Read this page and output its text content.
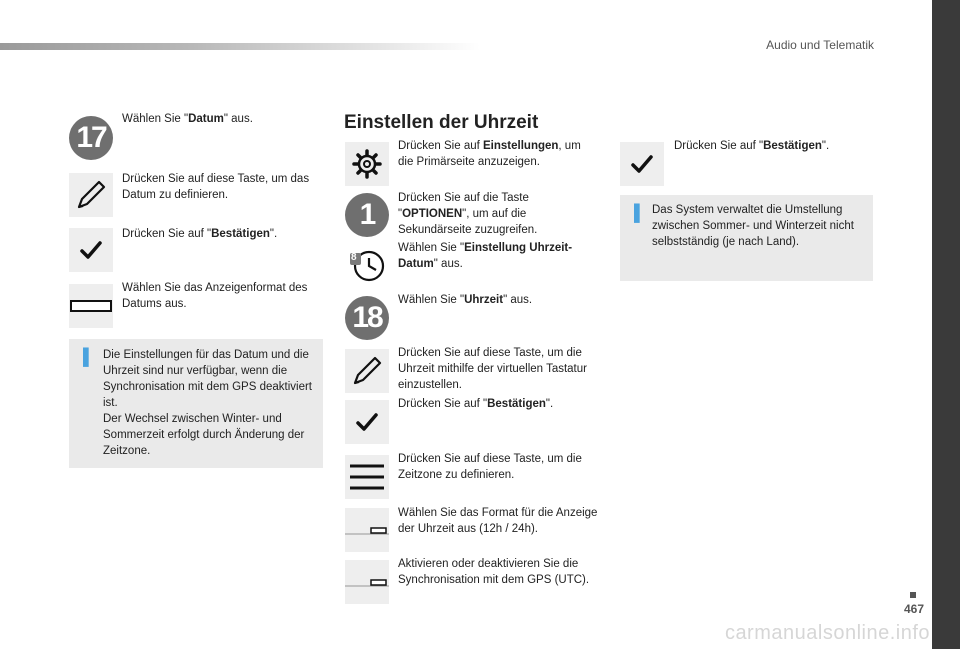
Audio und Telematik
467
carmanualsonline.info
17
Wählen Sie "Datum" aus.
Drücken Sie auf diese Taste, um das Datum zu definieren.
Drücken Sie auf "Bestätigen".
Wählen Sie das Anzeigenformat des Datums aus.
▌ Die Einstellungen für das Datum und die Uhrzeit sind nur verfügbar, wenn die Synchronisation mit dem GPS deaktiviert ist.
Der Wechsel zwischen Winter- und Sommerzeit erfolgt durch Änderung der Zeitzone.
Einstellen der Uhrzeit
Drücken Sie auf Einstellungen, um die Primärseite anzuzeigen.
1	Drücken Sie auf die Taste "OPTIONEN", um auf die Sekundärseite zuzugreifen.
8
Wählen Sie "Einstellung Uhrzeit-Datum" aus.
18
Wählen Sie "Uhrzeit" aus.
Drücken Sie auf diese Taste, um die Uhrzeit mithilfe der virtuellen Tastatur einzustellen.
Drücken Sie auf "Bestätigen".
Drücken Sie auf diese Taste, um die Zeitzone zu definieren.
Wählen Sie das Format für die Anzeige der Uhrzeit aus (12h / 24h).
Aktivieren oder deaktivieren Sie die Synchronisation mit dem GPS (UTC).
Drücken Sie auf "Bestätigen".
▌ Das System verwaltet die Umstellung zwischen Sommer- und Winterzeit nicht selbstständig (je nach Land).
